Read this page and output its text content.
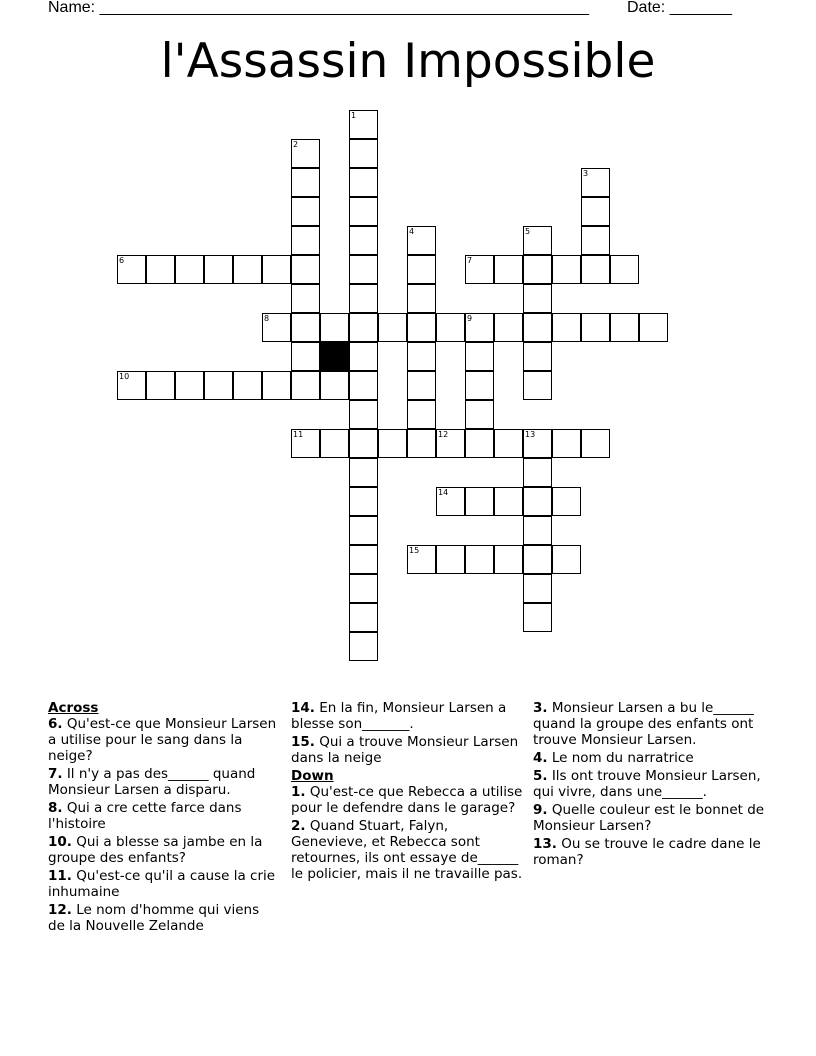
Name: _______________________________________________________ Date: _______
l'Assassin Impossible
1
2
3
4	5
6	7
8	9
10
11	12	13
14
15
Across
6. Qu'est-ce que Monsieur Larsen a utilise pour le sang dans la neige?
7. Il n'y a pas des______ quand Monsieur Larsen a disparu.
8. Qui a cre cette farce dans l'histoire
10. Qui a blesse sa jambe en la groupe des enfants?
11. Qu'est-ce qu'il a cause la crie inhumaine
12. Le nom d'homme qui viens de la Nouvelle Zelande
14. En la fin, Monsieur Larsen a blesse son_______.
15. Qui a trouve Monsieur Larsen dans la neige
Down
1. Qu'est-ce que Rebecca a utilise pour le defendre dans le garage?
2. Quand Stuart, Falyn, Genevieve, et Rebecca sont retournes, ils ont essaye de______ le policier, mais il ne travaille pas.
3. Monsieur Larsen a bu le______ quand la groupe des enfants ont trouve Monsieur Larsen.
4. Le nom du narratrice
5. Ils ont trouve Monsieur Larsen, qui vivre, dans une______.
9. Quelle couleur est le bonnet de Monsieur Larsen?
13. Ou se trouve le cadre dane le roman?
